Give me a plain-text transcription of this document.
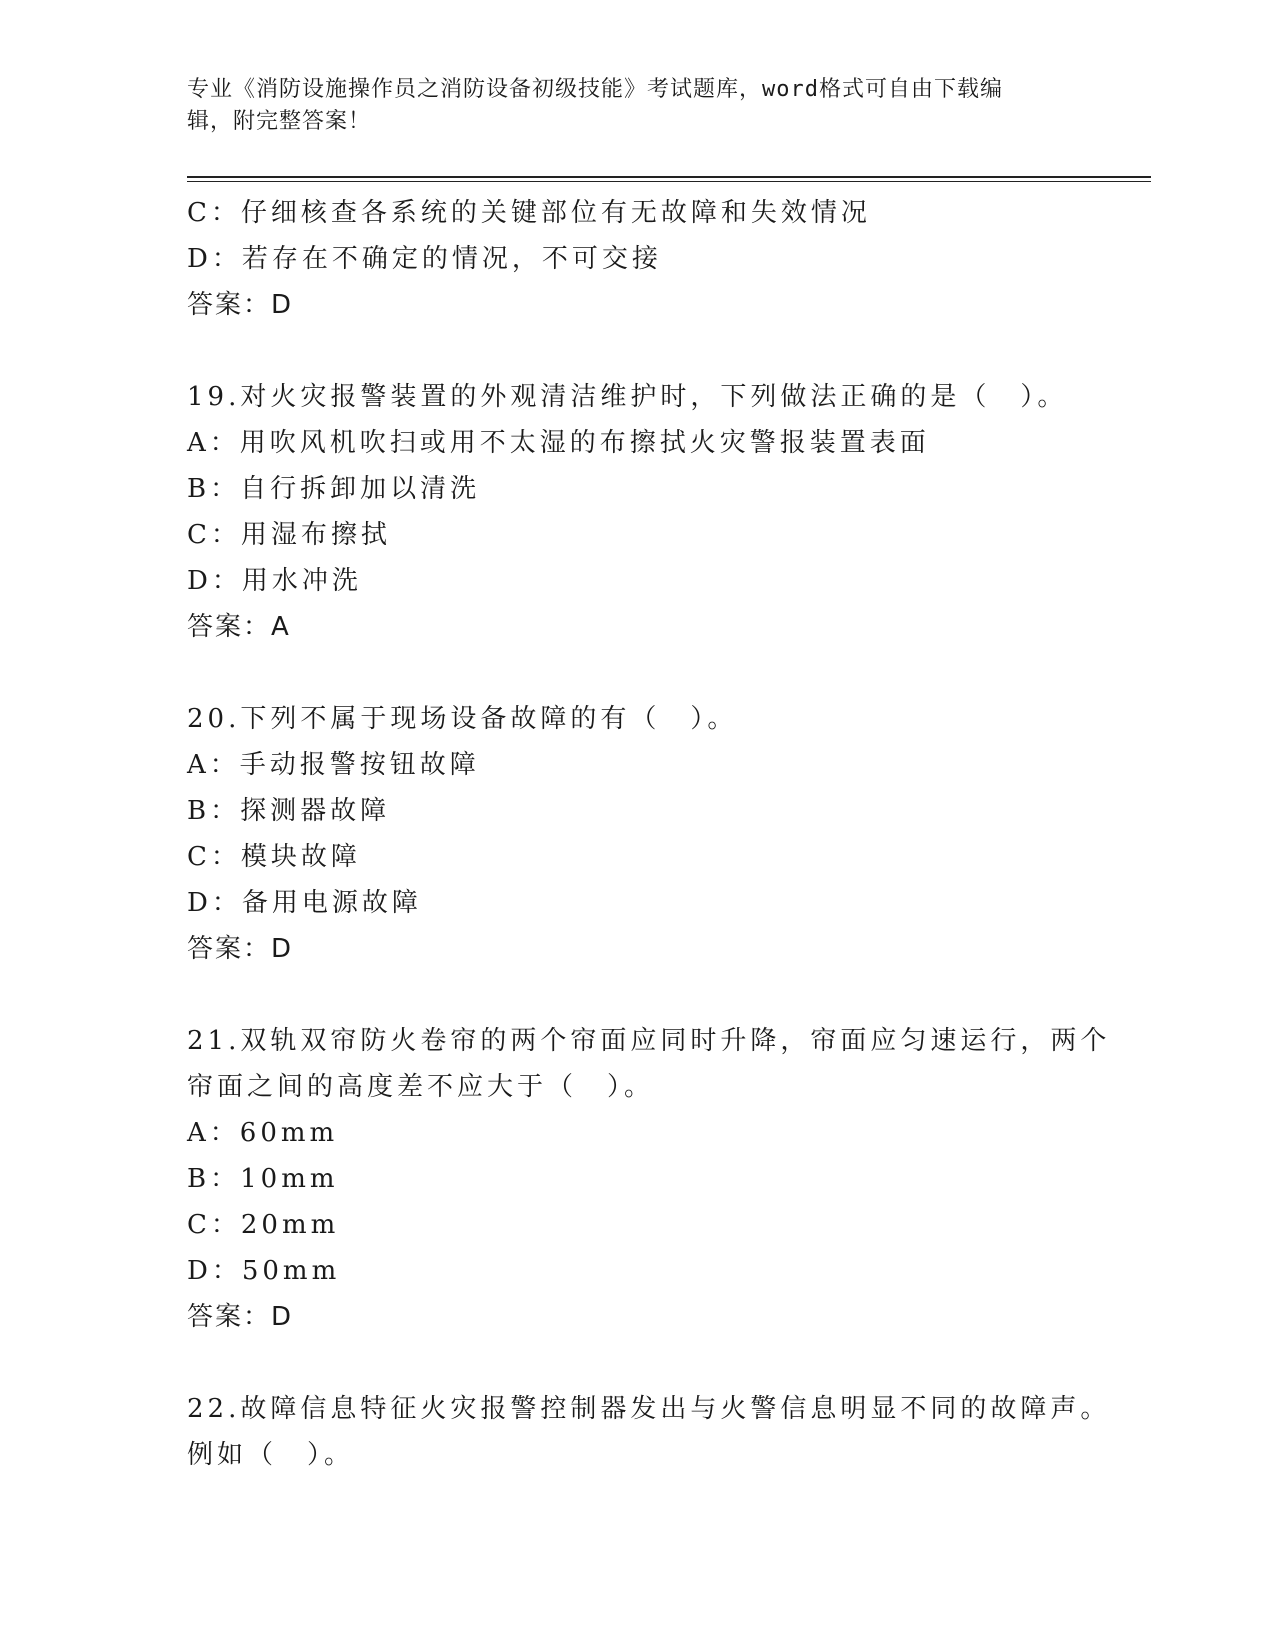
专业《消防设施操作员之消防设备初级技能》考试题库，word格式可自由下载编
辑，附完整答案！
C：仔细核查各系统的关键部位有无故障和失效情况
D：若存在不确定的情况，不可交接
答案：D
19.对火灾报警装置的外观清洁维护时，下列做法正确的是（　）。
A：用吹风机吹扫或用不太湿的布擦拭火灾警报装置表面
B：自行拆卸加以清洗
C：用湿布擦拭
D：用水冲洗
答案：A
20.下列不属于现场设备故障的有（　）。
A：手动报警按钮故障
B：探测器故障
C：模块故障
D：备用电源故障
答案：D
21.双轨双帘防火卷帘的两个帘面应同时升降，帘面应匀速运行，两个
帘面之间的高度差不应大于（　）。
A：60mm
B：10mm
C：20mm
D：50mm
答案：D
22.故障信息特征火灾报警控制器发出与火警信息明显不同的故障声。
例如（　）。
